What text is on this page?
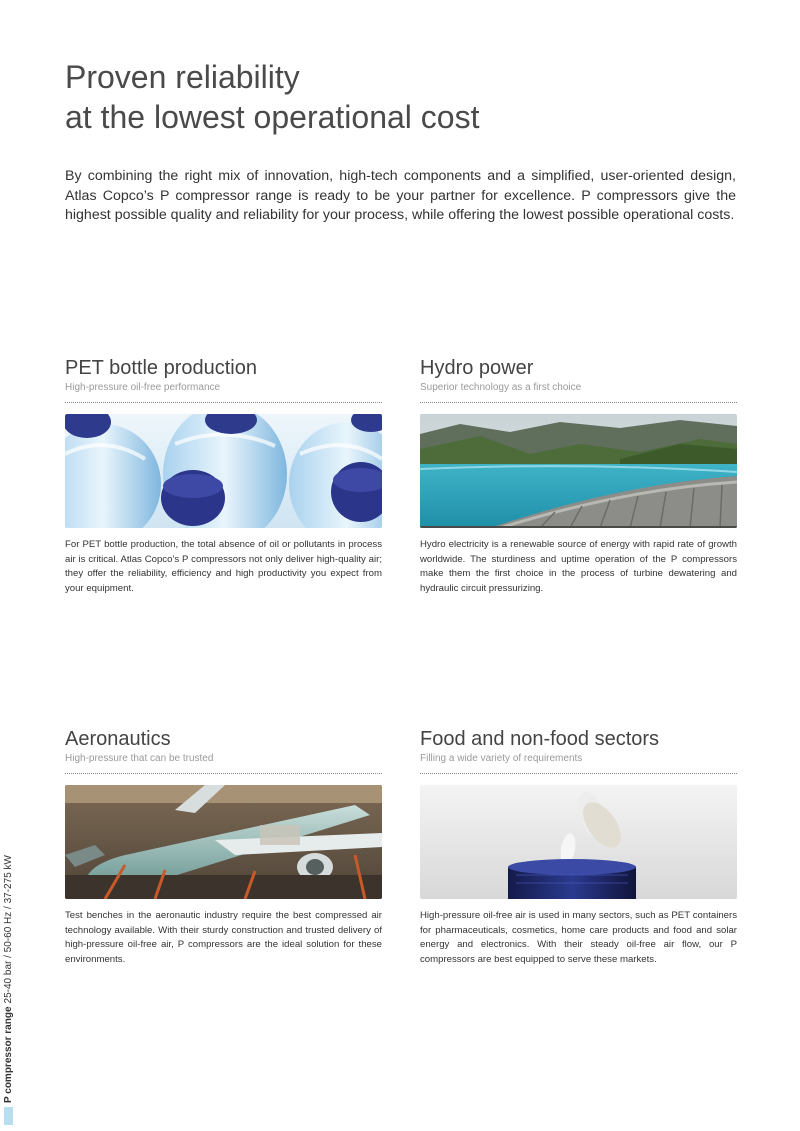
Proven reliability
at the lowest operational cost

By combining the right mix of innovation, high-tech components and a simplified, user-oriented design, Atlas Copco’s P compressor range is ready to be your partner for excellence. P compressors give the highest possible quality and reliability for your process, while offering the lowest possible operational costs.

PET bottle production
High-pressure oil-free performance

For PET bottle production, the total absence of oil or pollutants in process air is critical. Atlas Copco’s P compressors not only deliver high-quality air; they offer the reliability, efficiency and high productivity you expect from your equipment.

Hydro power
Superior technology as a first choice

Hydro electricity is a renewable source of energy with rapid rate of growth worldwide. The sturdiness and uptime operation of the P compressors make them the first choice in the process of turbine dewatering and hydraulic circuit pressurizing.

Aeronautics
High-pressure that can be trusted

Test benches in the aeronautic industry require the best compressed air technology available. With their sturdy construction and trusted delivery of high-pressure oil-free air, P compressors are the ideal solution for these environments.

Food and non-food sectors
Filling a wide variety of requirements

High-pressure oil-free air is used in many sectors, such as PET containers for pharmaceuticals, cosmetics, home care products and food and solar energy and electronics. With their steady oil-free air flow, our P compressors are best equipped to serve these markets.

P compressor range
25-40 bar / 50-60 Hz / 37-275 kW
